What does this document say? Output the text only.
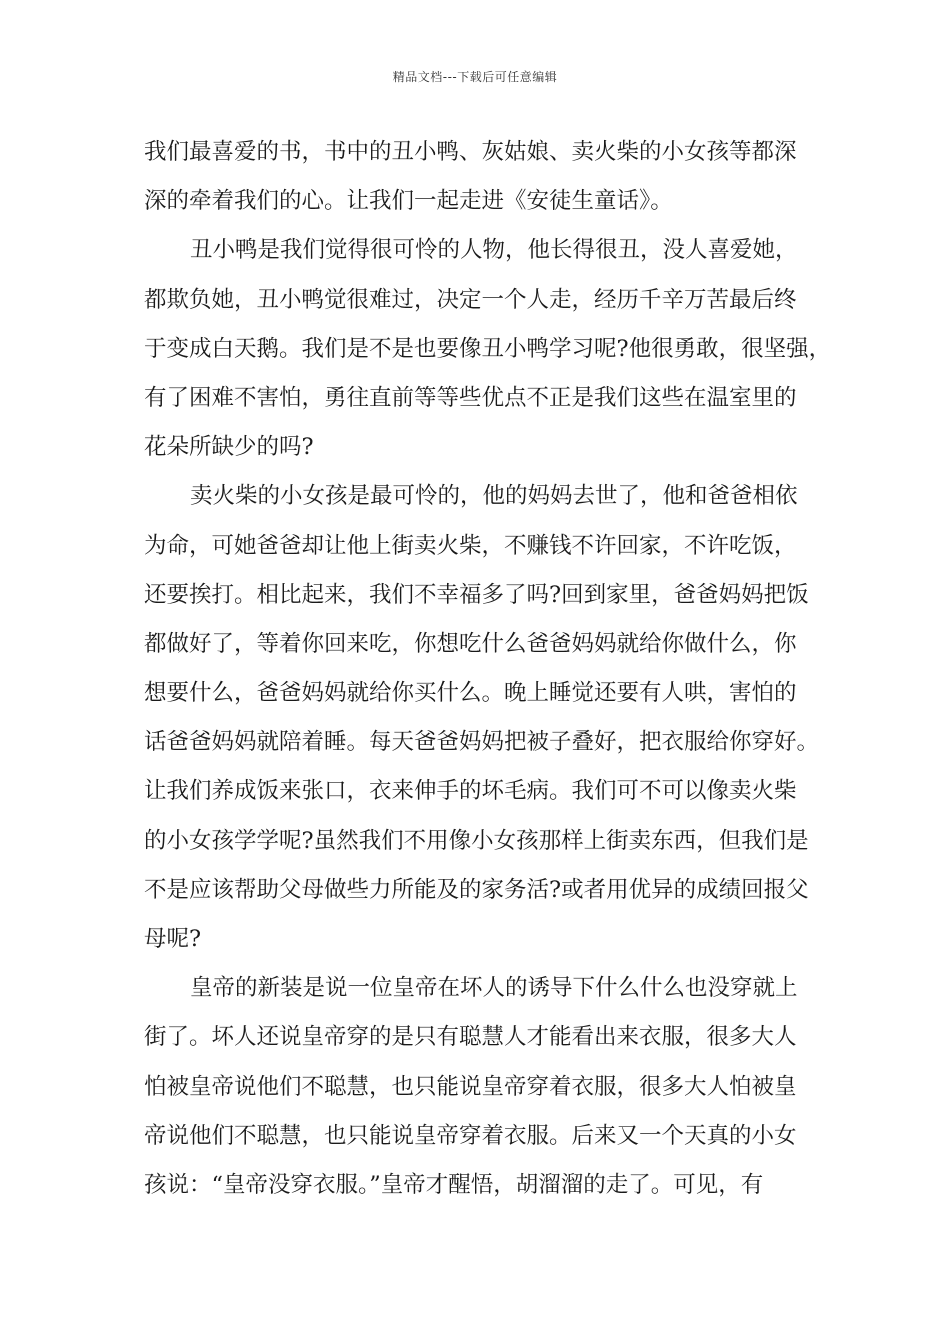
精品文档---下载后可任意编辑
我们最喜爱的书，书中的丑小鸭、灰姑娘、卖火柴的小女孩等都深
深的牵着我们的心。让我们一起走进《安徒生童话》。
丑小鸭是我们觉得很可怜的人物，他长得很丑，没人喜爱她，
都欺负她，丑小鸭觉很难过，决定一个人走，经历千辛万苦最后终
于变成白天鹅。我们是不是也要像丑小鸭学习呢?他很勇敢，很坚强，
有了困难不害怕，勇往直前等等些优点不正是我们这些在温室里的
花朵所缺少的吗?
卖火柴的小女孩是最可怜的，他的妈妈去世了，他和爸爸相依
为命，可她爸爸却让他上街卖火柴，不赚钱不许回家，不许吃饭，
还要挨打。相比起来，我们不幸福多了吗?回到家里，爸爸妈妈把饭
都做好了，等着你回来吃，你想吃什么爸爸妈妈就给你做什么，你
想要什么，爸爸妈妈就给你买什么。晚上睡觉还要有人哄，害怕的
话爸爸妈妈就陪着睡。每天爸爸妈妈把被子叠好，把衣服给你穿好。
让我们养成饭来张口，衣来伸手的坏毛病。我们可不可以像卖火柴
的小女孩学学呢?虽然我们不用像小女孩那样上街卖东西，但我们是
不是应该帮助父母做些力所能及的家务活?或者用优异的成绩回报父
母呢?
皇帝的新装是说一位皇帝在坏人的诱导下什么什么也没穿就上
街了。坏人还说皇帝穿的是只有聪慧人才能看出来衣服，很多大人
怕被皇帝说他们不聪慧，也只能说皇帝穿着衣服，很多大人怕被皇
帝说他们不聪慧，也只能说皇帝穿着衣服。后来又一个天真的小女
孩说：“皇帝没穿衣服。”皇帝才醒悟，胡溜溜的走了。可见，有
